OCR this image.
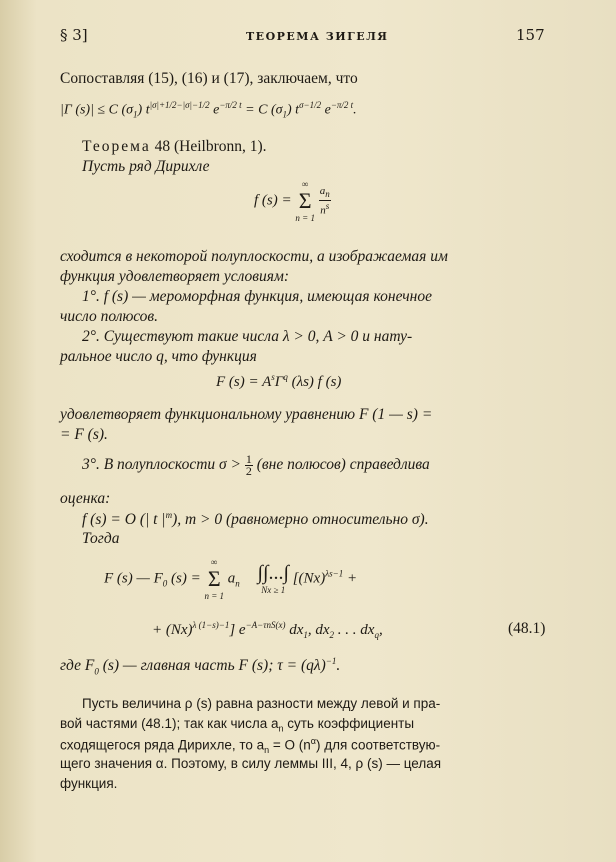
§ 3]	ТЕОРЕМА ЗИГЕЛЯ	157
Сопоставляя (15), (16) и (17), заключаем, что
|Γ (s)| ≤ C $(\sigma_1)$ $t^{|\sigma|+1/2-|\sigma|-1/2}$ $e^{-\pi/2 t} = C$ $(\sigma_1)$ $t^{\sigma-1/2}$ $e^{-\pi/2 t}$.
Теорема 48 (Heilbronn, 1).
Пусть ряд Дирихле
f (s) =
∞
Σ
n = 1

$\frac{a_n}{n^s}$
сходится в некоторой полуплоскости, а изображаемая им
функция удовлетворяет условиям:
1°. f (s) — мероморфная функция, имеющая конечное
число полюсов.
2°. Существуют такие числа λ > 0, A > 0 и нату-
ральное число q, что функция
F $(s) = A^s\Gamma^q$ (λs) f (s)
удовлетворяет функциональному уравнению F (1 — s) =
= F (s).
3°. В полуплоскости $\sigma > \frac{1}{2} (вне$ полюсов) справедлива
оценка:
f (s) = O (| t $|^m$), m > 0 (равномерно относительно σ).
Тогда
F (s) — $F_0$ (s) =
∞
Σ
n = 1
$a_n$ ∫∫...∫
Nx ≥ 1
[$(Nx)^{\lambda s-1}$ +
+ $(Nx)^{\lambda (1-s)-1}$] $e^{-A-\tau nS(x)}$ $dx_1$, $dx_2$ . . . $dx_q$,	(48.1)
где $F_0$ (s) — главная часть F (s); $\tau = (q\lambda)^{-1}$.
Пусть величина ρ (s) равна разности между левой и пра-
вой частями (48.1); так как числа $a_n$ суть коэффициенты
сходящегося ряда Дирихле, то $a_n = O$ $(n^\alpha)$ для соответствую-
щего значения α. Поэтому, в силу леммы III, 4, ρ (s) — целая
функция.
